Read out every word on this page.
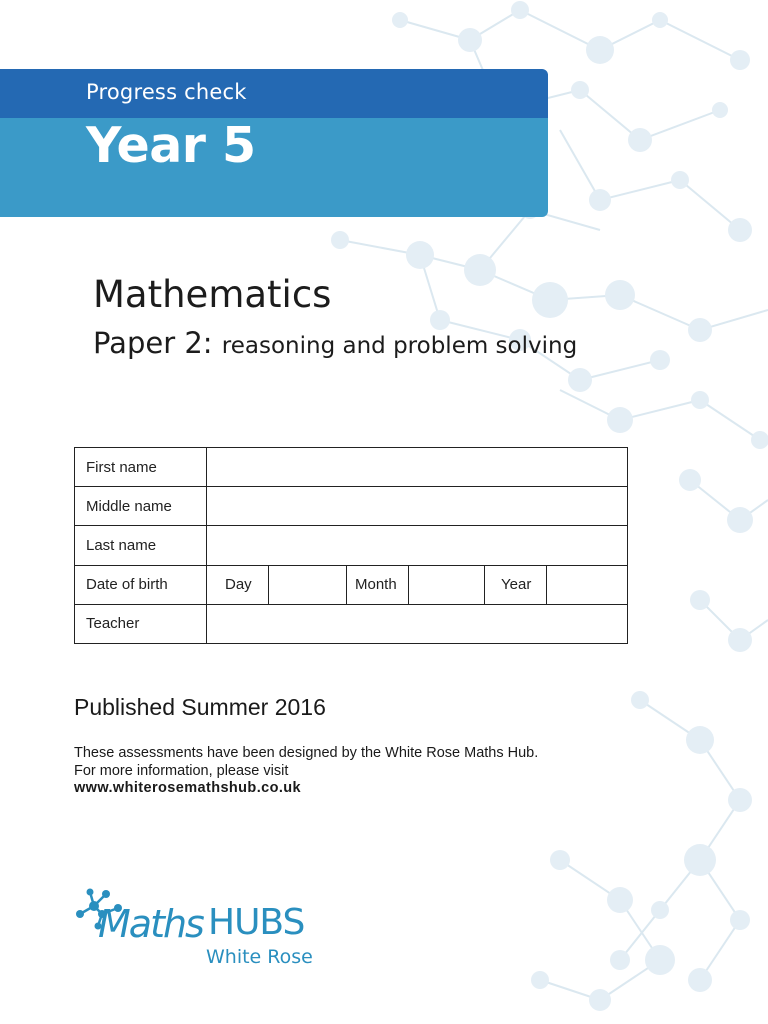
Progress check
Year 5
Mathematics
Paper 2: reasoning and problem solving
First name						
Middle name						
Last name						
Date of birth	Day		Month		Year	
Teacher						
Published Summer 2016
These assessments have been designed by the White Rose Maths Hub. For more information, please visit
www.whiterosemathshub.co.uk
Maths HUBS
White Rose
